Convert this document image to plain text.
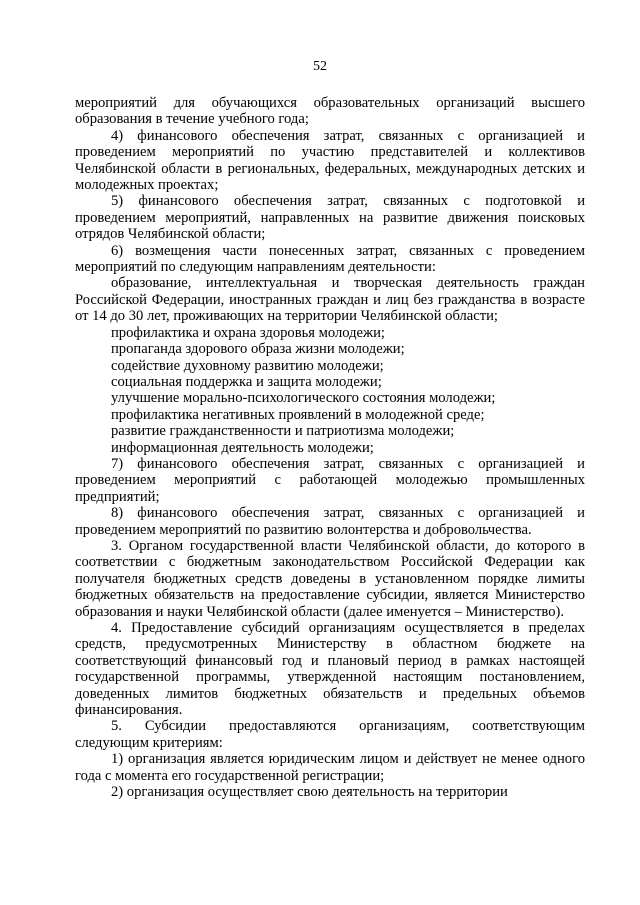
52

мероприятий для обучающихся образовательных организаций высшего образования в течение учебного года;

4) финансового обеспечения затрат, связанных с организацией и проведением мероприятий по участию представителей и коллективов Челябинской области в региональных, федеральных, международных детских и молодежных проектах;

5) финансового обеспечения затрат, связанных с подготовкой и проведением мероприятий, направленных на развитие движения поисковых отрядов Челябинской области;

6) возмещения части понесенных затрат, связанных с проведением мероприятий по следующим направлениям деятельности:

образование, интеллектуальная и творческая деятельность граждан Российской Федерации, иностранных граждан и лиц без гражданства в возрасте от 14 до 30 лет, проживающих на территории Челябинской области;

профилактика и охрана здоровья молодежи;

пропаганда здорового образа жизни молодежи;

содействие духовному развитию молодежи;

социальная поддержка и защита молодежи;

улучшение морально-психологического состояния молодежи;

профилактика негативных проявлений в молодежной среде;

развитие гражданственности и патриотизма молодежи;

информационная деятельность молодежи;

7) финансового обеспечения затрат, связанных с организацией и проведением мероприятий с работающей молодежью промышленных предприятий;

8) финансового обеспечения затрат, связанных с организацией и проведением мероприятий по развитию волонтерства и добровольчества.

3. Органом государственной власти Челябинской области, до которого в соответствии с бюджетным законодательством Российской Федерации как получателя бюджетных средств доведены в установленном порядке лимиты бюджетных обязательств на предоставление субсидии, является Министерство образования и науки Челябинской области (далее именуется – Министерство).

4. Предоставление субсидий организациям осуществляется в пределах средств, предусмотренных Министерству в областном бюджете на соответствующий финансовый год и плановый период в рамках настоящей государственной программы, утвержденной настоящим постановлением, доведенных лимитов бюджетных обязательств и предельных объемов финансирования.

5. Субсидии предоставляются организациям, соответствующим следующим критериям:

1) организация является юридическим лицом и действует не менее одного года с момента его государственной регистрации;

2) организация осуществляет свою деятельность на территории
